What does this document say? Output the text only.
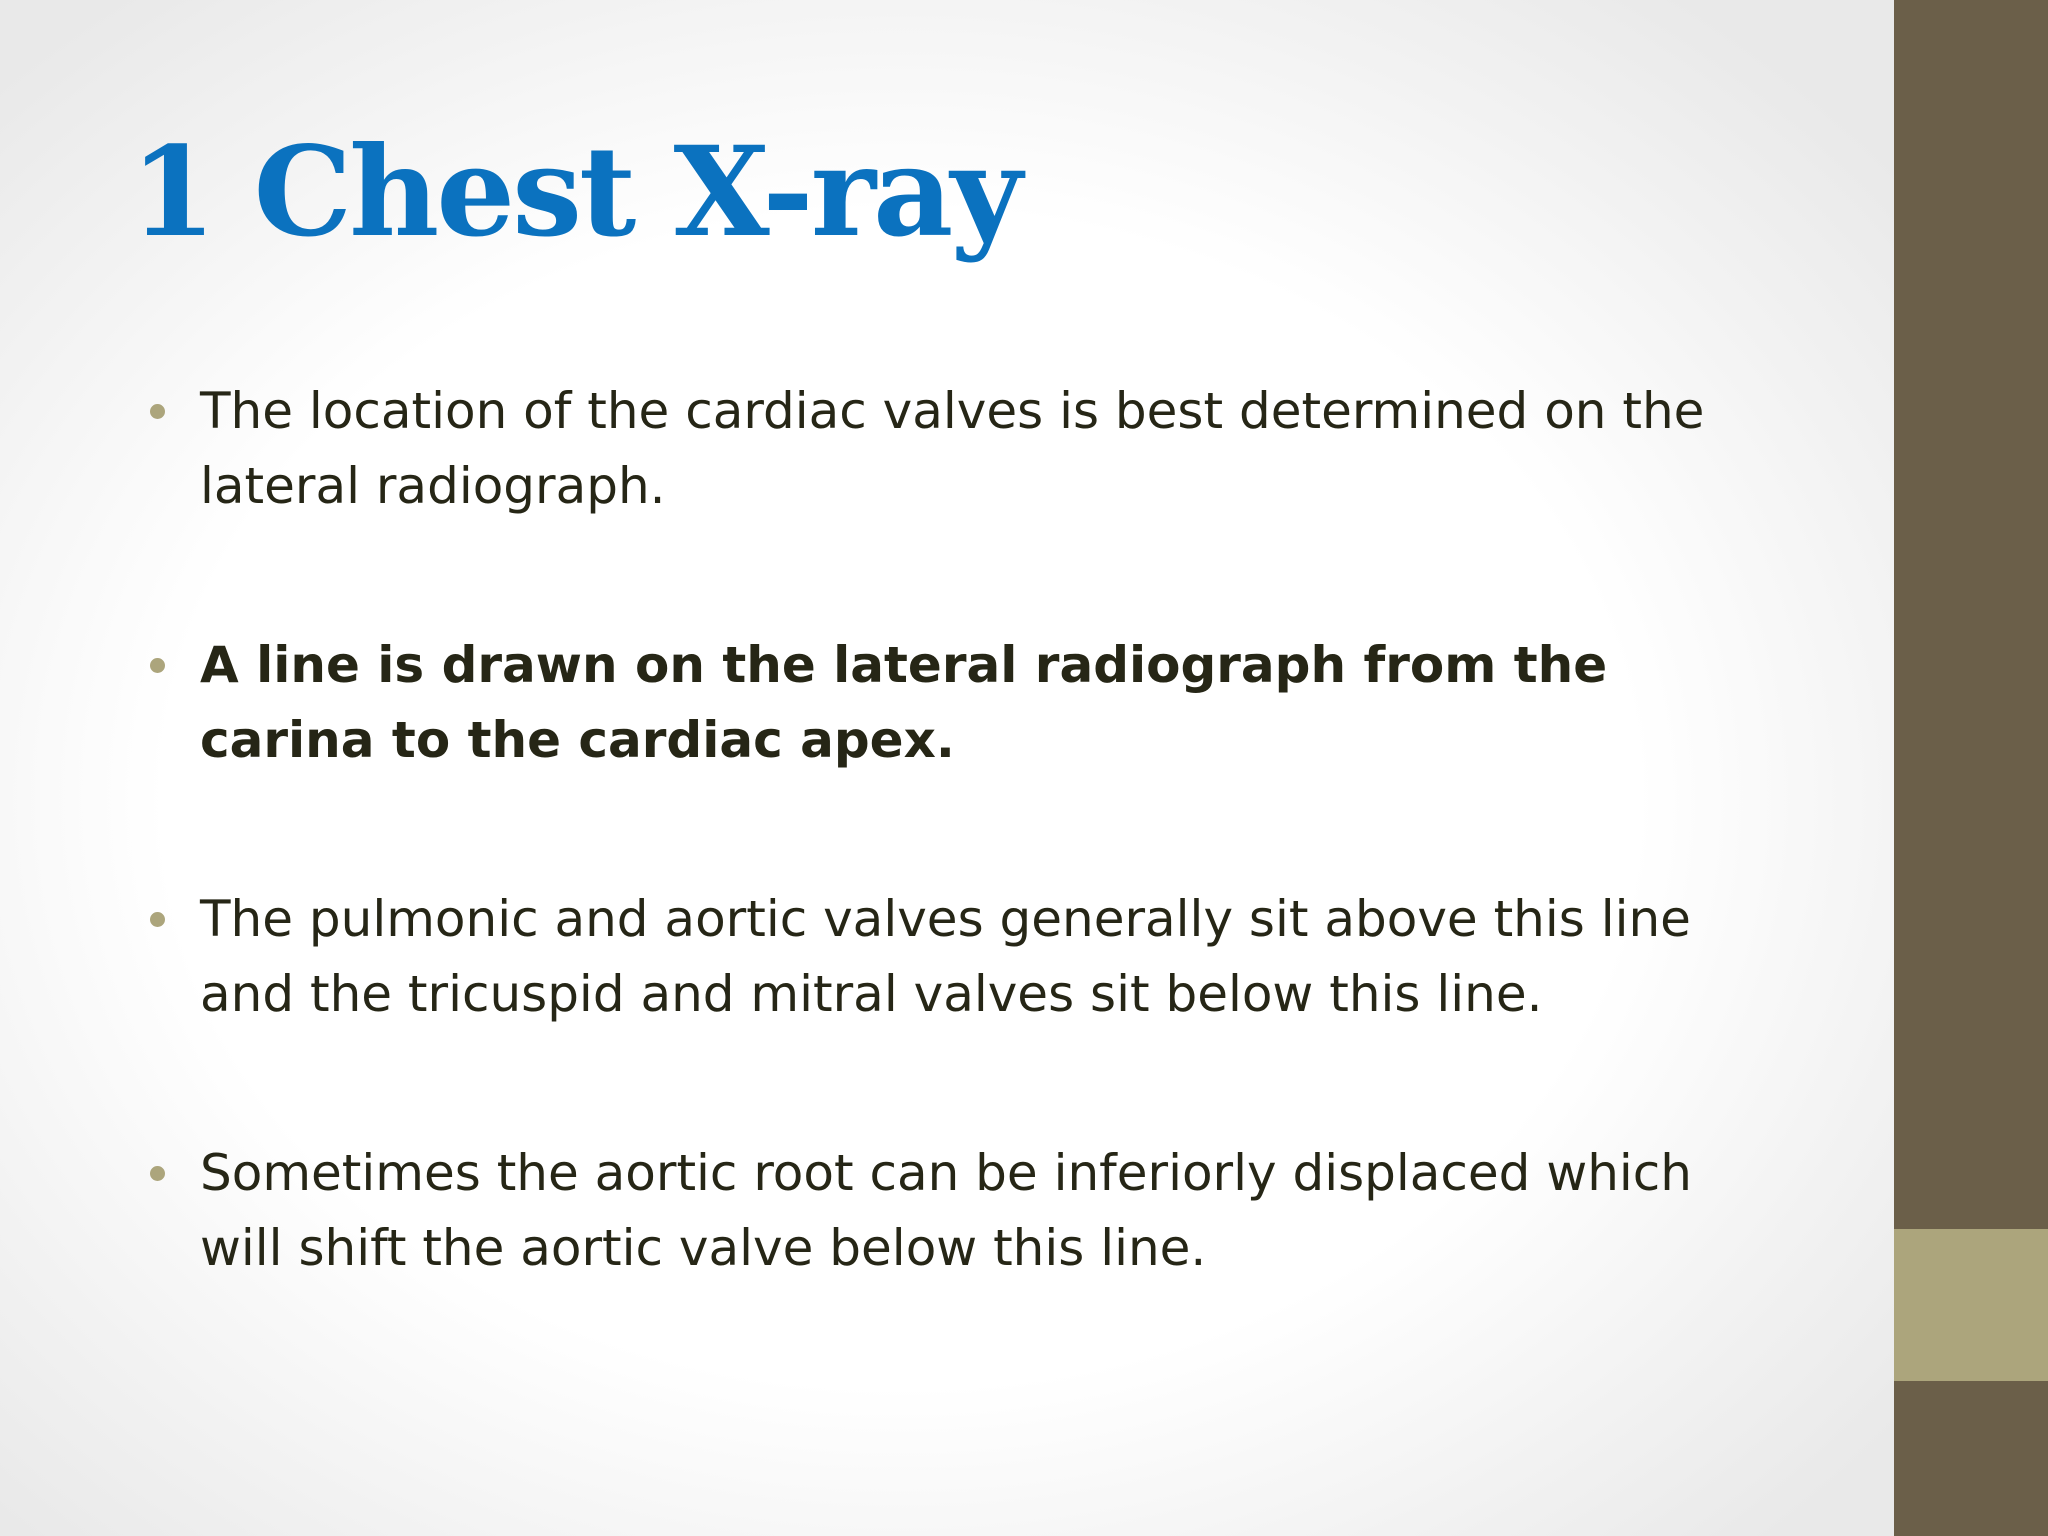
1 Chest X-ray
The location of the cardiac valves is best determined on the lateral radiograph.
A line is drawn on the lateral radiograph from the carina to the cardiac apex.
The pulmonic and aortic valves generally sit above this line and the tricuspid and mitral valves sit below this line.
Sometimes the aortic root can be inferiorly displaced which will shift the aortic valve below this line.
